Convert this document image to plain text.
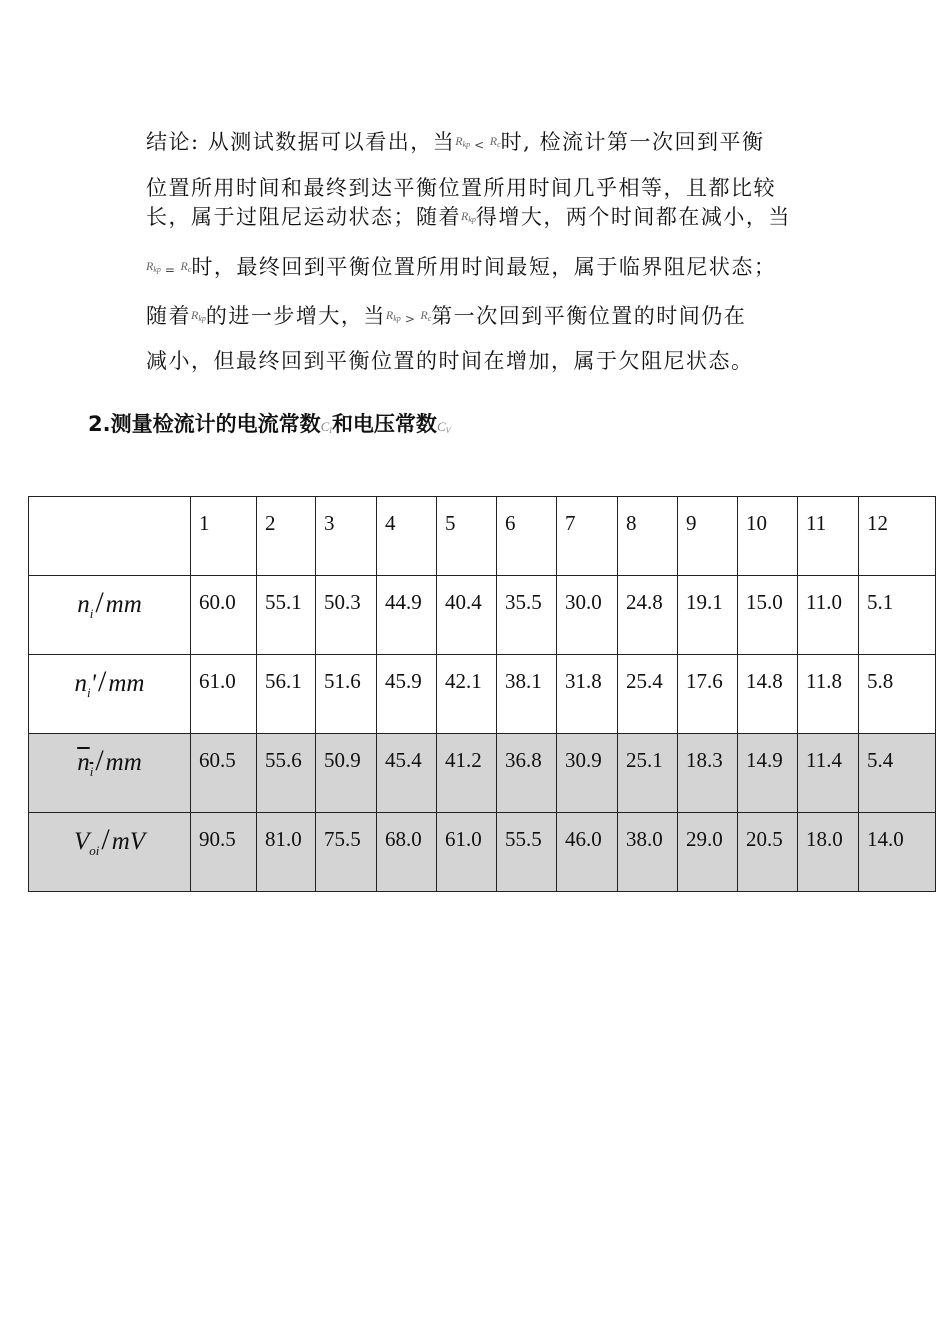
结论: 从测试数据可以看出，当$R_{kp} < R_c$时, 检流计第一次回到平衡
位置所用时间和最终到达平衡位置所用时间几乎相等，且都比较
长，属于过阻尼运动状态；随着$R_{kp}$得增大，两个时间都在减小，当
$R_{kp} = R_c$时，最终回到平衡位置所用时间最短，属于临界阻尼状态；
随着$R_{kp}$的进一步增大，当$R_{kp} > R_c$第一次回到平衡位置的时间仍在
减小，但最终回到平衡位置的时间在增加，属于欠阻尼状态。
2.测量检流计的电流常数$C_I$和电压常数$C_V$
	1	2	3	4	5	6	7	8	9	10	11	12
$n_i/mm$	60.0	55.1	50.3	44.9	40.4	35.5	30.0	24.8	19.1	15.0	11.0	5.1
$n_i'/mm$	61.0	56.1	51.6	45.9	42.1	38.1	31.8	25.4	17.6	14.8	11.8	5.8
$n_i/mm$	60.5	55.6	50.9	45.4	41.2	36.8	30.9	25.1	18.3	14.9	11.4	5.4
$V_{oi}/mV$	90.5	81.0	75.5	68.0	61.0	55.5	46.0	38.0	29.0	20.5	18.0	14.0
